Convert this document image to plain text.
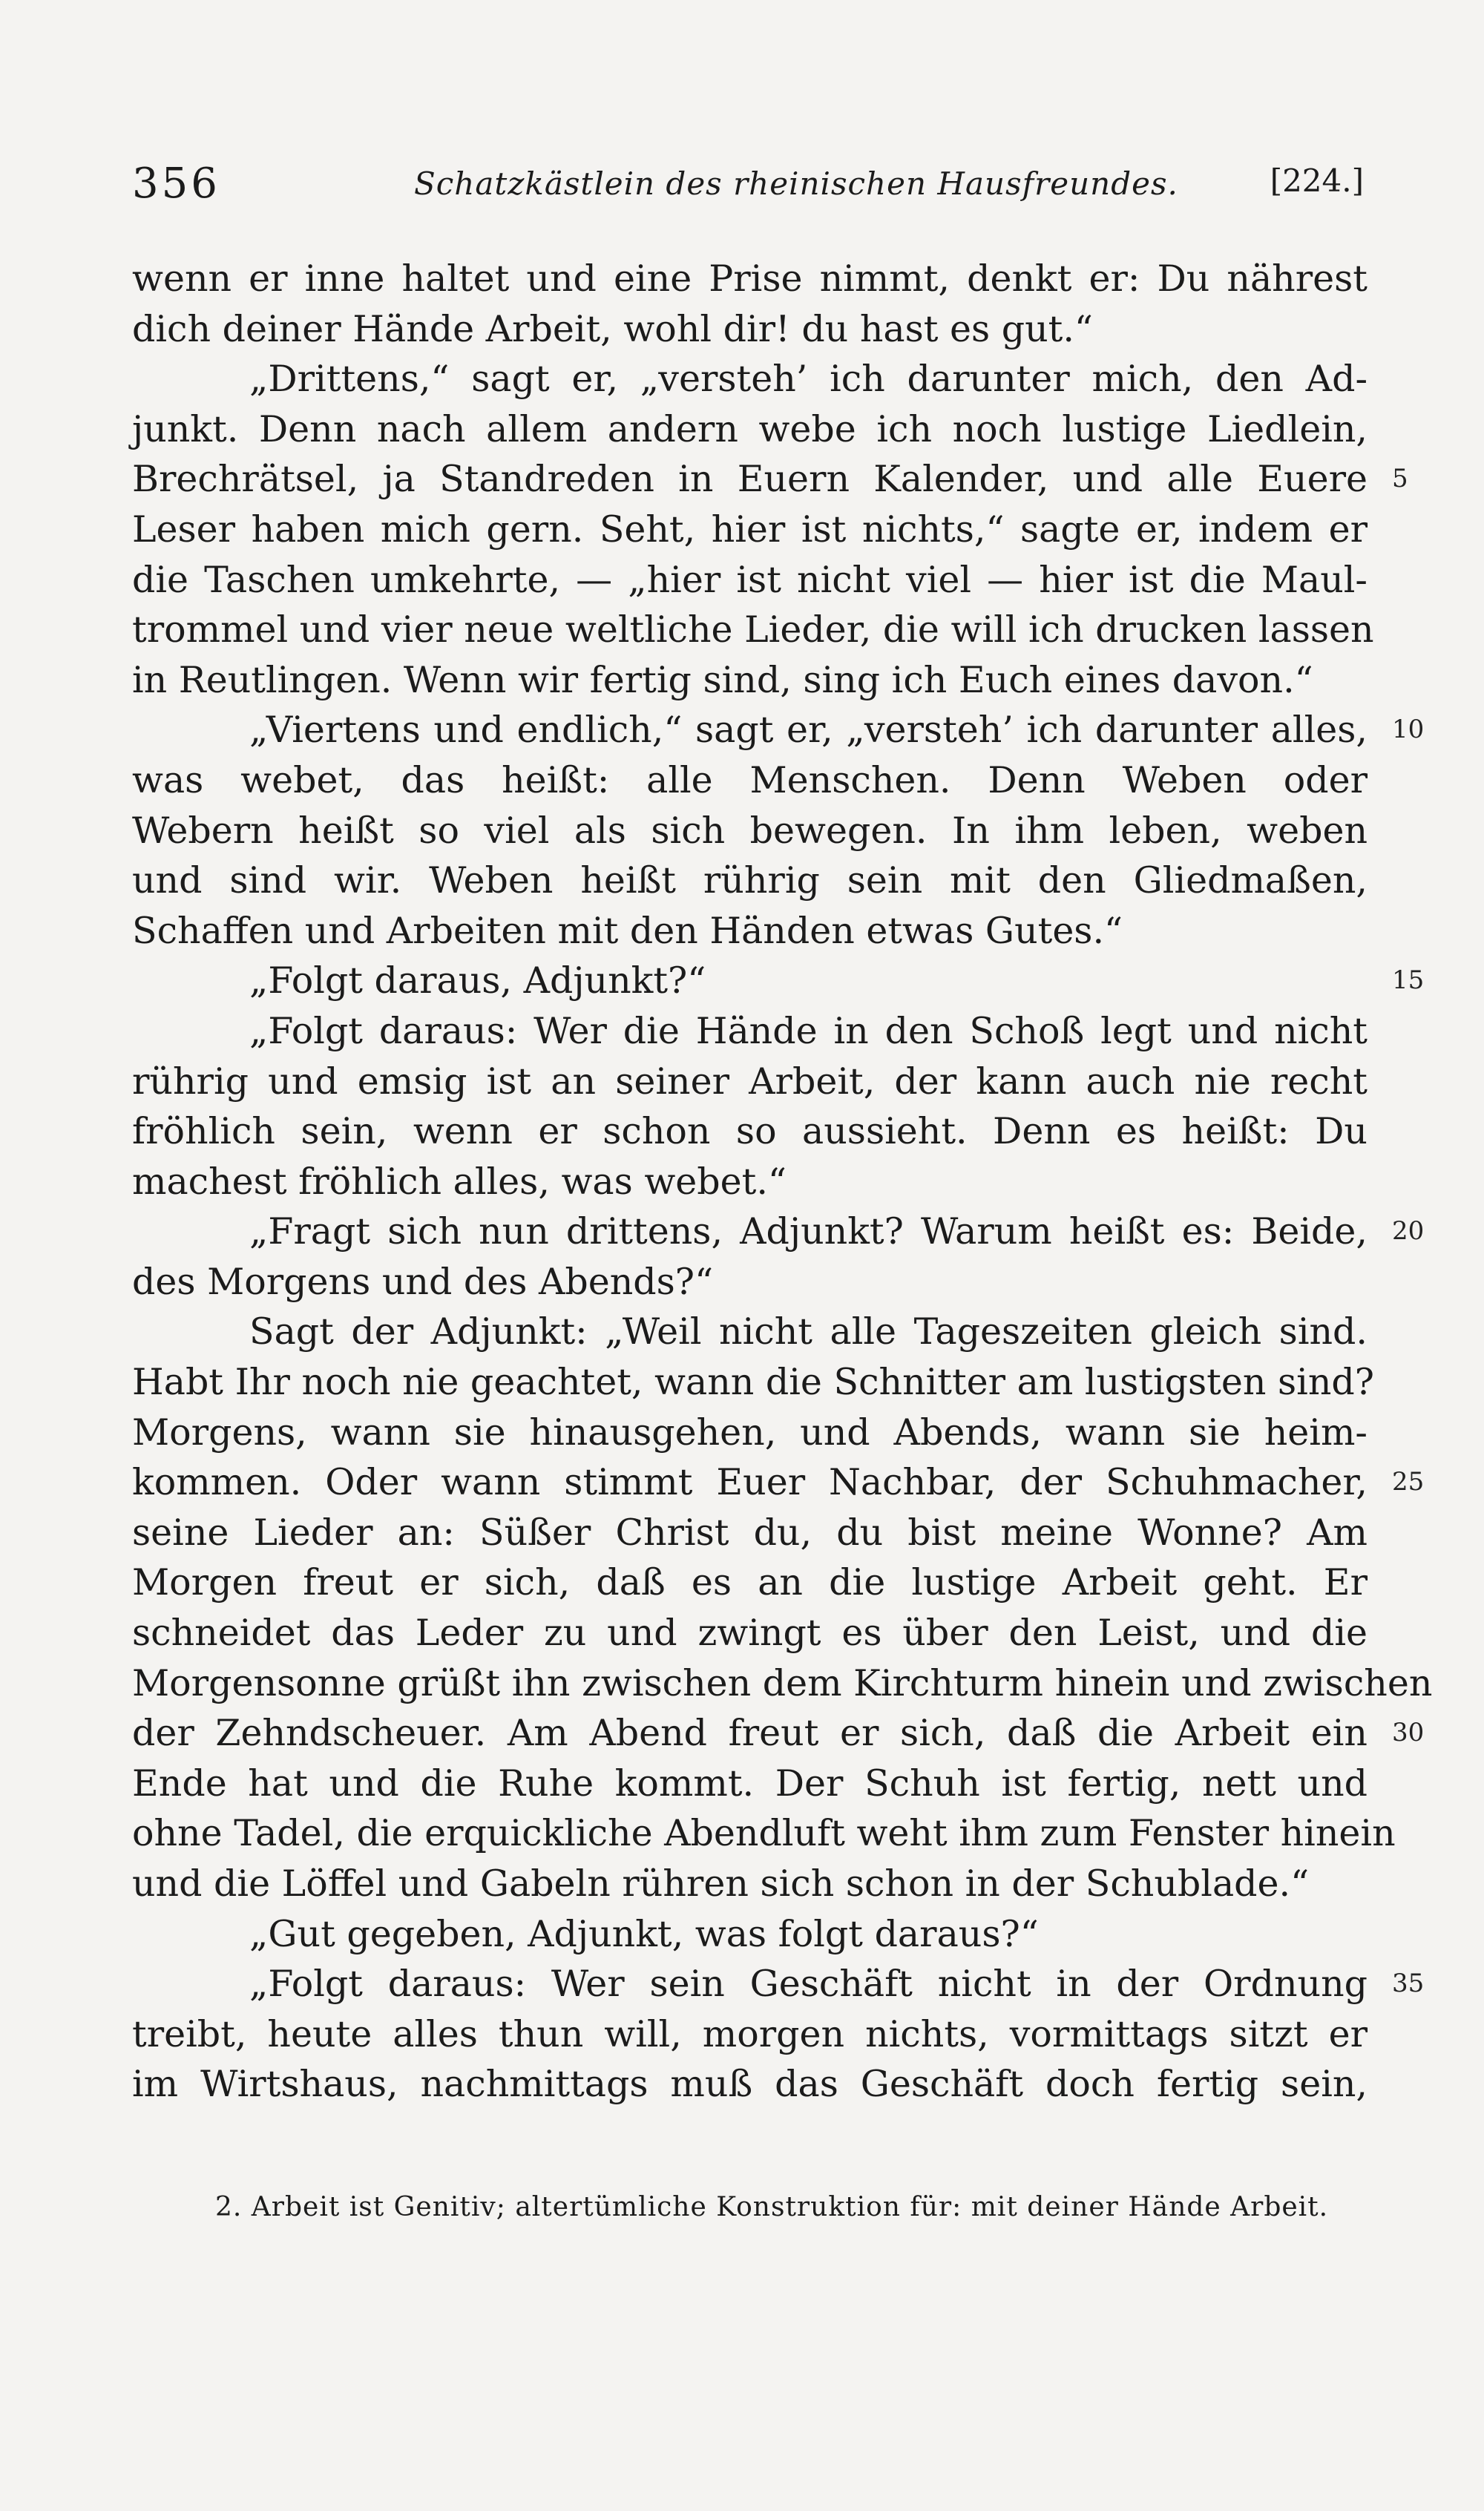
356	Schatzkästlein des rheinischen Hausfreundes.	[224.]
wenn er inne haltet und eine Prise nimmt, denkt er: Du nährest
dich deiner Hände Arbeit, wohl dir! du hast es gut.“
„Drittens,“ sagt er, „versteh’ ich darunter mich, den Ad-
junkt. Denn nach allem andern webe ich noch lustige Liedlein,
Brechrätsel, ja Standreden in Euern Kalender, und alle Euere 5
Leser haben mich gern. Seht, hier ist nichts,“ sagte er, indem er
die Taschen umkehrte, — „hier ist nicht viel — hier ist die Maul-
trommel und vier neue weltliche Lieder, die will ich drucken lassen
in Reutlingen. Wenn wir fertig sind, sing ich Euch eines davon.“
„Viertens und endlich,“ sagt er, „versteh’ ich darunter alles, 10
was webet, das heißt: alle Menschen. Denn Weben oder
Webern heißt so viel als sich bewegen. In ihm leben, weben
und sind wir. Weben heißt rührig sein mit den Gliedmaßen,
Schaffen und Arbeiten mit den Händen etwas Gutes.“
„Folgt daraus, Adjunkt?“	15
„Folgt daraus: Wer die Hände in den Schoß legt und nicht
rührig und emsig ist an seiner Arbeit, der kann auch nie recht
fröhlich sein, wenn er schon so aussieht. Denn es heißt: Du
machest fröhlich alles, was webet.“
„Fragt sich nun drittens, Adjunkt? Warum heißt es: Beide, 20
des Morgens und des Abends?“
Sagt der Adjunkt: „Weil nicht alle Tageszeiten gleich sind.
Habt Ihr noch nie geachtet, wann die Schnitter am lustigsten sind?
Morgens, wann sie hinausgehen, und Abends, wann sie heim-
kommen. Oder wann stimmt Euer Nachbar, der Schuhmacher, 25
seine Lieder an: Süßer Christ du, du bist meine Wonne? Am
Morgen freut er sich, daß es an die lustige Arbeit geht. Er
schneidet das Leder zu und zwingt es über den Leist, und die
Morgensonne grüßt ihn zwischen dem Kirchturm hinein und zwischen
der Zehndscheuer. Am Abend freut er sich, daß die Arbeit ein 30
Ende hat und die Ruhe kommt. Der Schuh ist fertig, nett und
ohne Tadel, die erquickliche Abendluft weht ihm zum Fenster hinein
und die Löffel und Gabeln rühren sich schon in der Schublade.“
„Gut gegeben, Adjunkt, was folgt daraus?“
„Folgt daraus: Wer sein Geschäft nicht in der Ordnung 35
treibt, heute alles thun will, morgen nichts, vormittags sitzt er
im Wirtshaus, nachmittags muß das Geschäft doch fertig sein,
2. Arbeit ist Genitiv; altertümliche Konstruktion für: mit deiner Hände Arbeit.
